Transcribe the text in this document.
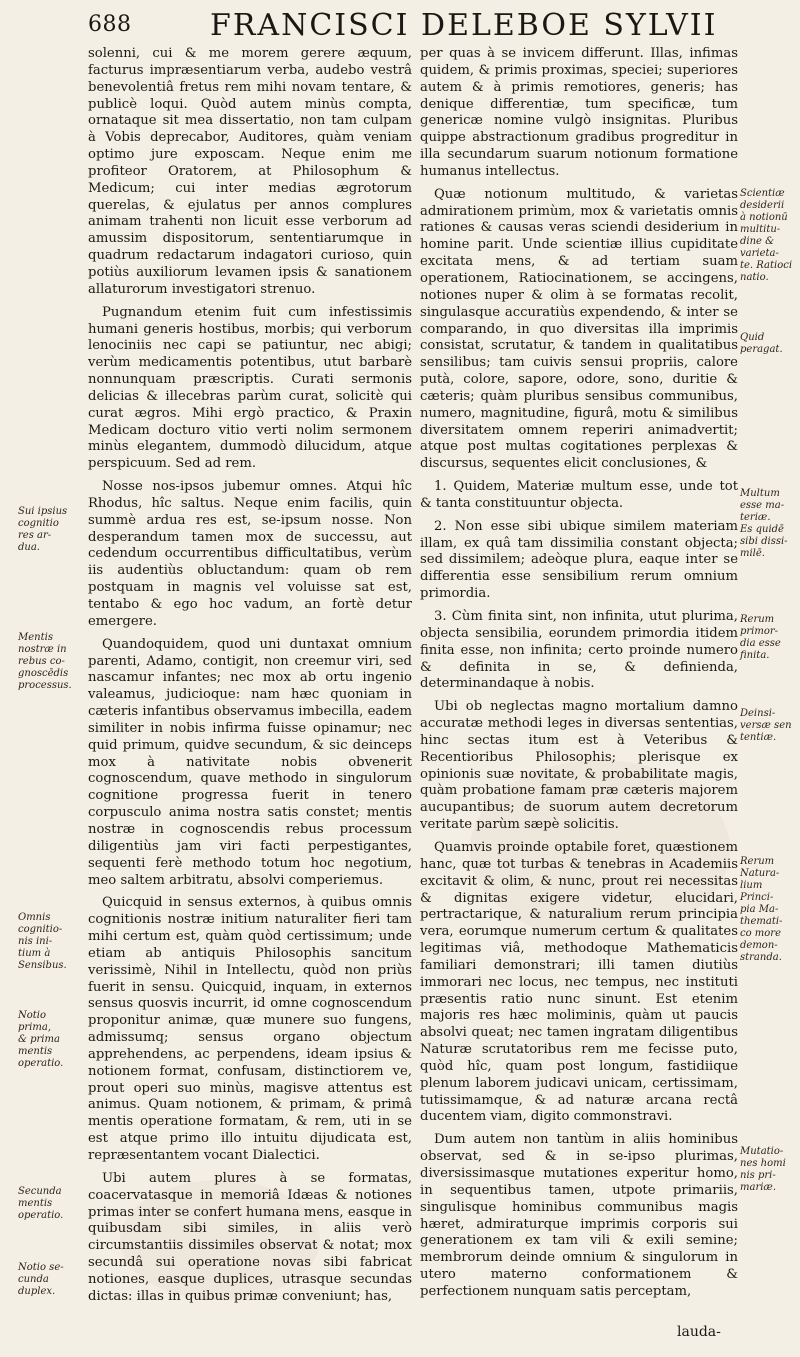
688	FRANCISCI DELEBOE SYLVII

solenni, cui & me morem gerere æquum, facturus impræsentiarum verba, audebo vestrâ benevolentiâ fretus rem mihi novam tentare, & publicè loqui. Quòd autem minùs compta, ornataque sit mea dissertatio, non tam culpam à Vobis deprecabor, Auditores, quàm veniam optimo jure exposcam. Neque enim me profiteor Oratorem, at Philosophum & Medicum; cui inter medias ægrotorum querelas, & ejulatus per annos complures animam trahenti non licuit esse verborum ad amussim dispositorum, sententiarumque in quadrum redactarum indagatori curioso, quin potiùs auxiliorum levamen ipsis & sanationem allaturorum investigatori strenuo.

Pugnandum etenim fuit cum infestissimis humani generis hostibus, morbis; qui verborum lenociniis nec capi se patiuntur, nec abigi; verùm medicamentis potentibus, utut barbarè nonnunquam præscriptis. Curati sermonis delicias & illecebras parùm curat, solicitè qui curat ægros. Mihi ergò practico, & Praxin Medicam docturo vitio verti nolim sermonem minùs elegantem, dummodò dilucidum, atque perspicuum. Sed ad rem.

Nosse nos-ipsos jubemur omnes. Atqui hîc Rhodus, hîc saltus. Neque enim facilis, quin summè ardua res est, se-ipsum nosse. Non desperandum tamen mox de successu, aut cedendum occurrentibus difficultatibus, verùm iis audentiùs obluctandum: quam ob rem postquam in magnis vel voluisse sat est, tentabo & ego hoc vadum, an fortè detur emergere.

Quandoquidem, quod uni duntaxat omnium parenti, Adamo, contigit, non creemur viri, sed nascamur infantes; nec mox ab ortu ingenio valeamus, judicioque: nam hæc quoniam in cæteris infantibus observamus imbecilla, eadem similiter in nobis infirma fuisse opinamur; nec quid primum, quidve secundum, & sic deinceps mox à nativitate nobis obvenerit cognoscendum, quave methodo in singulorum cognitione progressa fuerit in tenero corpusculo anima nostra satis constet; mentis nostræ in cognoscendis rebus processum diligentiùs jam viri facti perpestigantes, sequenti ferè methodo totum hoc negotium, meo saltem arbitratu, absolvi comperiemus.

Quicquid in sensus externos, à quibus omnis cognitionis nostræ initium naturaliter fieri tam mihi certum est, quàm quòd certissimum; unde etiam ab antiquis Philosophis sancitum verissimè, Nihil in Intellectu, quòd non priùs fuerit in sensu. Quicquid, inquam, in externos sensus quosvis incurrit, id omne cognoscendum proponitur animæ, quæ munere suo fungens, admissumq; sensus organo objectum apprehendens, ac perpendens, ideam ipsius & notionem format, confusam, distinctiorem ve, prout operi suo minùs, magisve attentus est animus. Quam notionem, & primam, & primâ mentis operatione formatam, & rem, uti in se est atque primo illo intuitu dijudicata est, repræsentantem vocant Dialectici.

Ubi autem plures à se formatas, coacervatasque in memoriâ Idæas & notiones primas inter se confert humana mens, easque in quibusdam sibi similes, in aliis verò circumstantiis dissimiles observat & notat; mox secundâ sui operatione novas sibi fabricat notiones, easque duplices, utrasque secundas dictas: illas in quibus primæ conveniunt; has,

per quas à se invicem differunt. Illas, infimas quidem, & primis proximas, speciei; superiores autem & à primis remotiores, generis; has denique differentiæ, tum specificæ, tum genericæ nomine vulgò insignitas. Pluribus quippe abstractionum gradibus progreditur in illa secundarum suarum notionum formatione humanus intellectus.

Quæ notionum multitudo, & varietas admirationem primùm, mox & varietatis omnis rationes & causas veras sciendi desiderium in homine parit. Unde scientiæ illius cupiditate excitata mens, & ad tertiam suam operationem, Ratiocinationem, se accingens, notiones nuper & olim à se formatas recolit, singulasque accuratiùs expendendo, & inter se comparando, in quo diversitas illa imprimis consistat, scrutatur, & tandem in qualitatibus sensilibus; tam cuivis sensui propriis, calore putà, colore, sapore, odore, sono, duritie & cæteris; quàm pluribus sensibus communibus, numero, magnitudine, figurâ, motu & similibus diversitatem omnem reperiri animadvertit; atque post multas cogitationes perplexas & discursus, sequentes elicit conclusiones, &

1. Quidem, Materiæ multum esse, unde tot & tanta constituuntur objecta.

2. Non esse sibi ubique similem materiam illam, ex quâ tam dissimilia constant objecta; sed dissimilem; adeòque plura, eaque inter se differentia esse sensibilium rerum omnium primordia.

3. Cùm finita sint, non infinita, utut plurima, objecta sensibilia, eorundem primordia itidem finita esse, non infinita; certo proinde numero & definita in se, & definienda, determinandaque à nobis.

Ubi ob neglectas magno mortalium damno accuratæ methodi leges in diversas sententias, hinc sectas itum est à Veteribus & Recentioribus Philosophis; plerisque ex opinionis suæ novitate, & probabilitate magis, quàm probatione famam præ cæteris majorem aucupantibus; de suorum autem decretorum veritate parùm sæpè solicitis.

Quamvis proinde optabile foret, quæstionem hanc, quæ tot turbas & tenebras in Academiis excitavit & olim, & nunc, prout rei necessitas & dignitas exigere videtur, elucidari, pertractarique, & naturalium rerum principia vera, eorumque numerum certum & qualitates legitimas viâ, methodoque Mathematicis familiari demonstrari; illi tamen diutiùs immorari nec locus, nec tempus, nec instituti præsentis ratio nunc sinunt. Est etenim majoris res hæc moliminis, quàm ut paucis absolvi queat; nec tamen ingratam diligentibus Naturæ scrutatoribus rem me fecisse puto, quòd hîc, quam post longum, fastidiique plenum laborem judicavi unicam, certissimam, tutissimamque, & ad naturæ arcana rectâ ducentem viam, digito commonstravi.

Dum autem non tantùm in aliis hominibus observat, sed & in se-ipso plurimas, diversissimasque mutationes experitur homo, in sequentibus tamen, utpote primariis, singulisque hominibus communibus magis hæret, admiraturque imprimis corporis sui generationem ex tam vili & exili semine; membrorum deinde omnium & singulorum in utero materno conformationem & perfectionem nunquam satis perceptam,

Sui ipsius
cognitio
res ar-
dua.
Mentis
nostræ in
rebus co-
gnoscēdis
processus.
Omnis
cognitio-
nis ini-
tium à
Sensibus.
Notio
prima,
& prima
mentis
operatio.
Secunda
mentis
operatio.
Notio se-
cunda
duplex.
Scientiæ
desiderii
à notionū
multitu-
dine &
varieta-
te. Ratioci
natio.
Quid
peragat.
Multum
esse ma-
teriæ.
Es quidē
sibi dissi-
milē.
Rerum
primor-
dia esse
finita.
Deinsi-
versæ sen
tentiæ.
Rerum
Natura-
lium
Princi-
pia Ma-
themati-
co more
demon-
stranda.
Mutatio-
nes homi
nis pri-
mariæ.
lauda-
